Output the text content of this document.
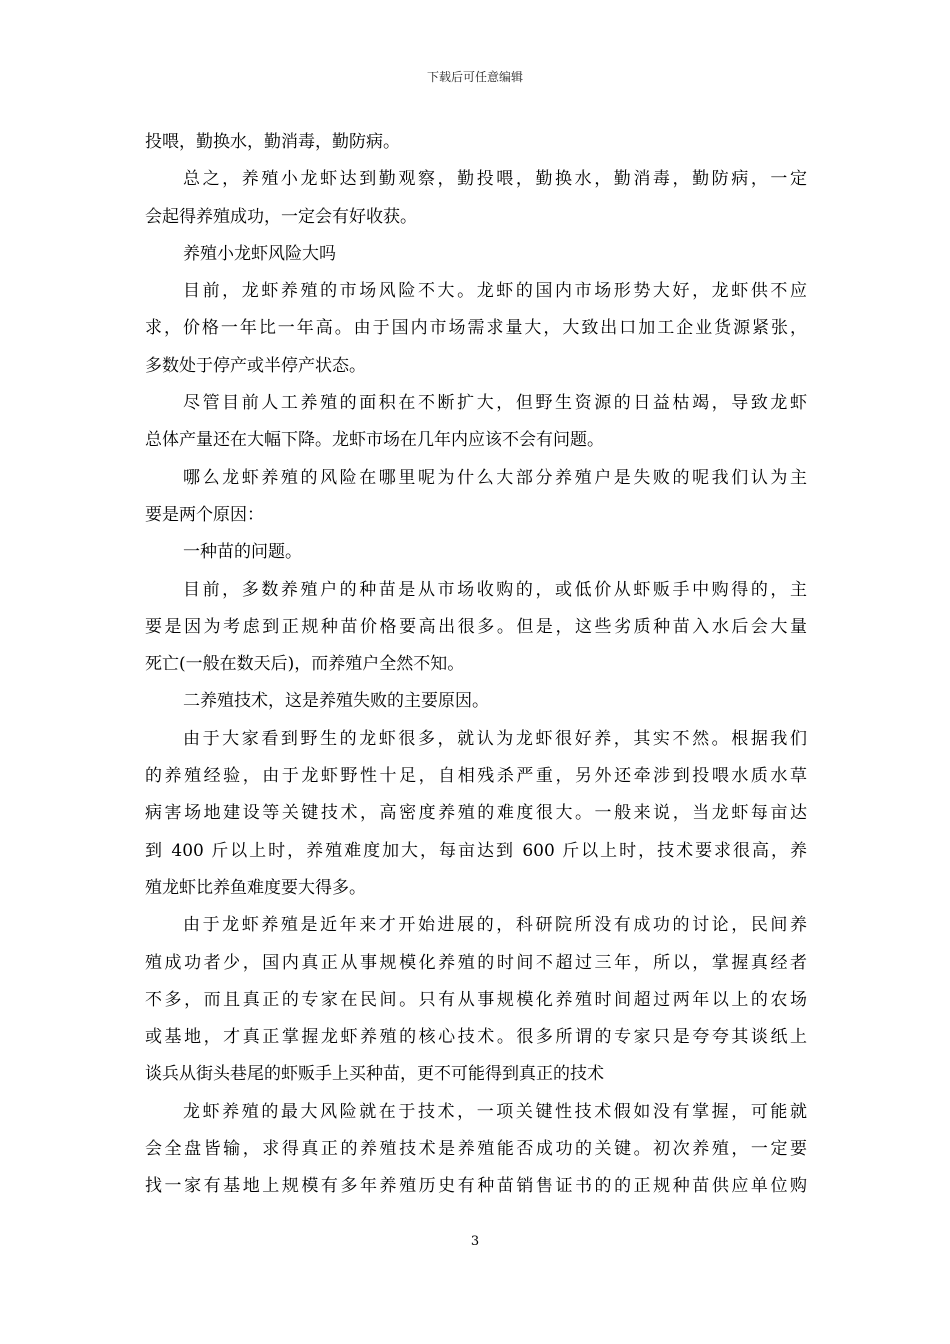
下载后可任意编辑
投喂，勤换水，勤消毒，勤防病。
总之，养殖小龙虾达到勤观察，勤投喂，勤换水，勤消毒，勤防病，一定
会起得养殖成功，一定会有好收获。
养殖小龙虾风险大吗
目前，龙虾养殖的市场风险不大。龙虾的国内市场形势大好，龙虾供不应
求，价格一年比一年高。由于国内市场需求量大，大致出口加工企业货源紧张，
多数处于停产或半停产状态。
尽管目前人工养殖的面积在不断扩大，但野生资源的日益枯竭，导致龙虾
总体产量还在大幅下降。龙虾市场在几年内应该不会有问题。
哪么龙虾养殖的风险在哪里呢为什么大部分养殖户是失败的呢我们认为主
要是两个原因：
一种苗的问题。
目前，多数养殖户的种苗是从市场收购的，或低价从虾贩手中购得的，主
要是因为考虑到正规种苗价格要高出很多。但是，这些劣质种苗入水后会大量
死亡(一般在数天后)，而养殖户全然不知。
二养殖技术，这是养殖失败的主要原因。
由于大家看到野生的龙虾很多，就认为龙虾很好养，其实不然。根据我们
的养殖经验，由于龙虾野性十足，自相残杀严重，另外还牵涉到投喂水质水草
病害场地建设等关键技术，高密度养殖的难度很大。一般来说，当龙虾每亩达
到 400 斤以上时，养殖难度加大，每亩达到 600 斤以上时，技术要求很高，养
殖龙虾比养鱼难度要大得多。
由于龙虾养殖是近年来才开始进展的，科研院所没有成功的讨论，民间养
殖成功者少，国内真正从事规模化养殖的时间不超过三年，所以，掌握真经者
不多，而且真正的专家在民间。只有从事规模化养殖时间超过两年以上的农场
或基地，才真正掌握龙虾养殖的核心技术。很多所谓的专家只是夸夸其谈纸上
谈兵从街头巷尾的虾贩手上买种苗，更不可能得到真正的技术
龙虾养殖的最大风险就在于技术，一项关键性技术假如没有掌握，可能就
会全盘皆输，求得真正的养殖技术是养殖能否成功的关键。初次养殖，一定要
找一家有基地上规模有多年养殖历史有种苗销售证书的的正规种苗供应单位购
3
